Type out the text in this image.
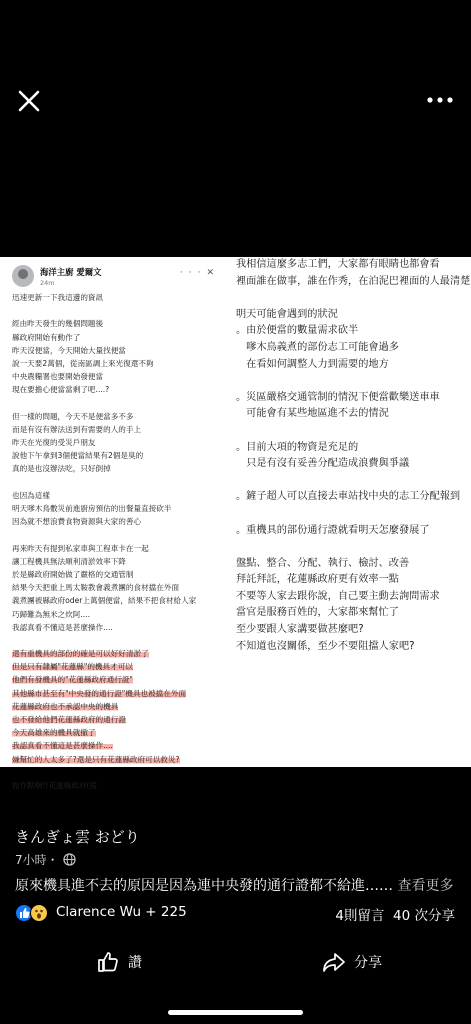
海洋主廚 愛爾文
24m
···✕
迅速更新一下我這邊的資訊
經由昨天發生的幾個問題後
縣政府開始有動作了
昨天沒便當，今天開始大量找便當
說一天要2萬個，從南區調上來光復還不夠
中央農糧署也要開始發便當
現在要擔心便當當剩了吧....?
但一樣的問題，今天不是便當多不多
而是有沒有辦法送到有需要的人的手上
昨天在光復的受災戶朋友
說他下午拿到3個便當結果有2個是臭的
真的是也沒辦法吃，只好倒掉
也因為這樣
明天嗲木鳥數災前進廚房預估的出餐量直接砍半
因為就不想浪費食物資源與大家的善心
再來昨天有提到私家車與工程車卡在一起
讓工程機具無法順利清淤效率下降
於是縣政府開始做了嚴格的交通管制
結果今天把重上馬太鞍教會義煮團的食材擋在外面
義煮團被縣政府oder上萬個便當，結果不把食材給人家
巧歸難為無米之炊阿....
我認真看不懂這是甚麼操作....
還有重機具的部份的確是可以好好清淤了
但是只有隸屬"花蓮縣"的機具才可以
他們有發機具的"花蓮縣政府通行證"
其他縣市甚至有"中央發的通行證"機具也被擋在外面
花蓮縣政府也不承認中央的機具
也不發給他們花蓮縣政府的通行證
今天高雄來的機具就撤了
我認真看不懂這是甚麼操作....
嫌幫忙的人太多了?還是只有花蓮縣政府可以救災?
振作點啊!!花蓮縣政府(搖
我相信這麼多志工們，大家都有眼睛也都會看
裡面誰在做事，誰在作秀，在泊泥巴裡面的人最清楚
明天可能會遇到的狀況
。由於便當的數量需求砍半
　嗲木鳥義煮的部份志工可能會過多
　在看如何調整人力到需要的地方
。災區嚴格交通管制的情況下便當歡樂送車車
　可能會有某些地區進不去的情況
。目前大項的物資是充足的
　只是有沒有妥善分配造成浪費與爭議
。鏟子超人可以直接去車站找中央的志工分配報到
。重機具的部份通行證就看明天怎麼發展了
盤點、整合、分配、執行、檢討、改善
拜託拜託，花蓮縣政府更有效率一點
不要等人家去跟你說，自己要主動去詢問需求
當官是服務百姓的，大家都來幫忙了
至少要跟人家講要做甚麼吧?
不知道也沒關係，至少不要阻擋人家吧?
きんぎょ雲 おどり
7小時・
原來機具進不去的原因是因為連中央發的通行證都不給進…… 查看更多
Clarence Wu + 225	4則留言 40 次分享
讚	分享
